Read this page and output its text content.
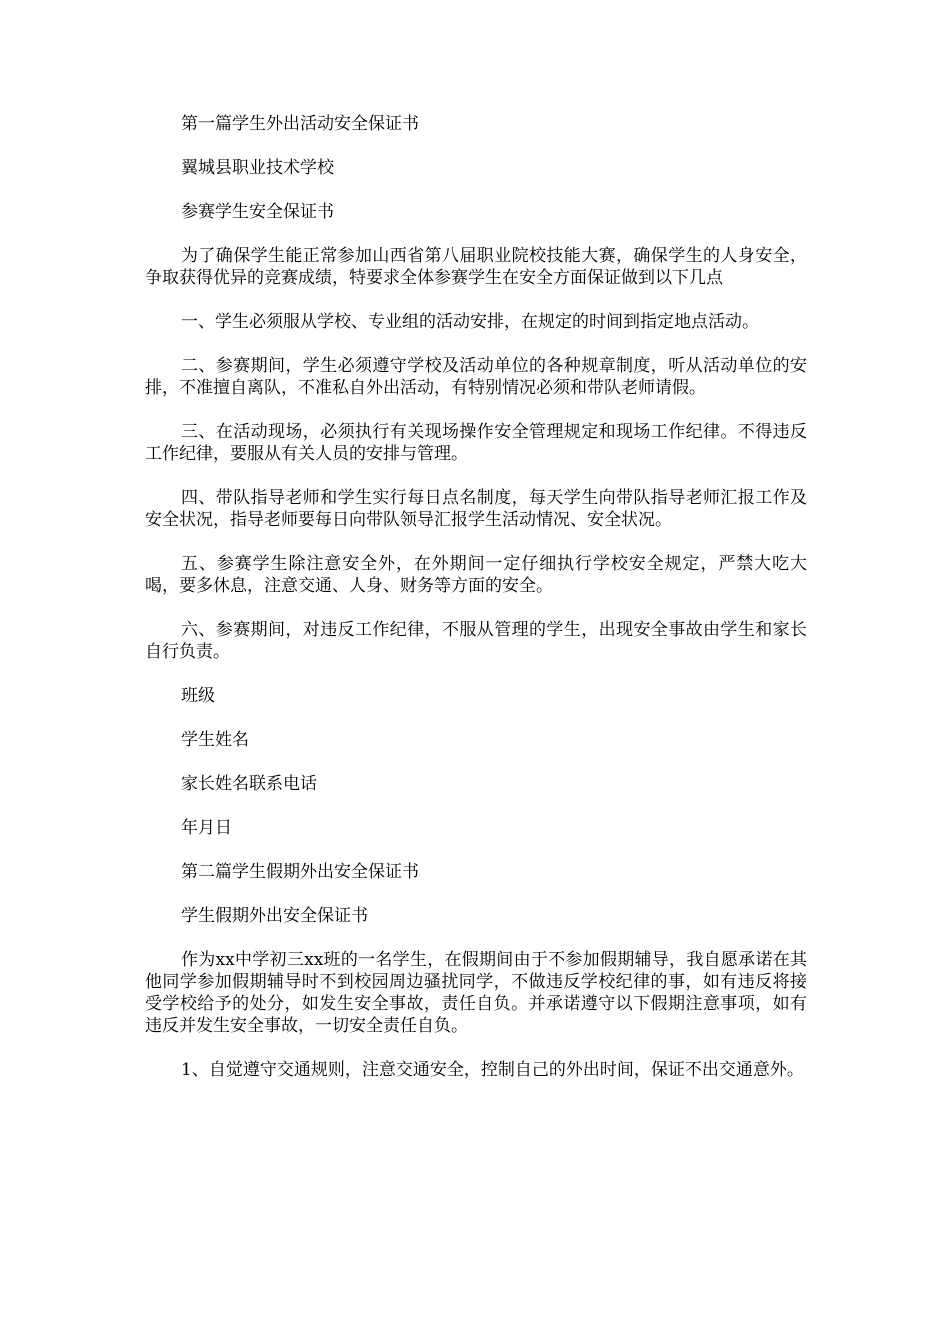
第一篇学生外出活动安全保证书

翼城县职业技术学校

参赛学生安全保证书

为了确保学生能正常参加山西省第八届职业院校技能大赛，确保学生的人身安全，争取获得优异的竞赛成绩，特要求全体参赛学生在安全方面保证做到以下几点

一、学生必须服从学校、专业组的活动安排，在规定的时间到指定地点活动。

二、参赛期间，学生必须遵守学校及活动单位的各种规章制度，听从活动单位的安排，不准擅自离队，不准私自外出活动，有特别情况必须和带队老师请假。

三、在活动现场，必须执行有关现场操作安全管理规定和现场工作纪律。不得违反工作纪律，要服从有关人员的安排与管理。

四、带队指导老师和学生实行每日点名制度，每天学生向带队指导老师汇报工作及安全状况，指导老师要每日向带队领导汇报学生活动情况、安全状况。

五、参赛学生除注意安全外，在外期间一定仔细执行学校安全规定，严禁大吃大喝，要多休息，注意交通、人身、财务等方面的安全。

六、参赛期间，对违反工作纪律，不服从管理的学生，出现安全事故由学生和家长自行负责。

班级

学生姓名

家长姓名联系电话

年月日

第二篇学生假期外出安全保证书

学生假期外出安全保证书

作为xx中学初三xx班的一名学生，在假期间由于不参加假期辅导，我自愿承诺在其他同学参加假期辅导时不到校园周边骚扰同学，不做违反学校纪律的事，如有违反将接受学校给予的处分，如发生安全事故，责任自负。并承诺遵守以下假期注意事项，如有违反并发生安全事故，一切安全责任自负。

1、自觉遵守交通规则，注意交通安全，控制自己的外出时间，保证不出交通意外。
